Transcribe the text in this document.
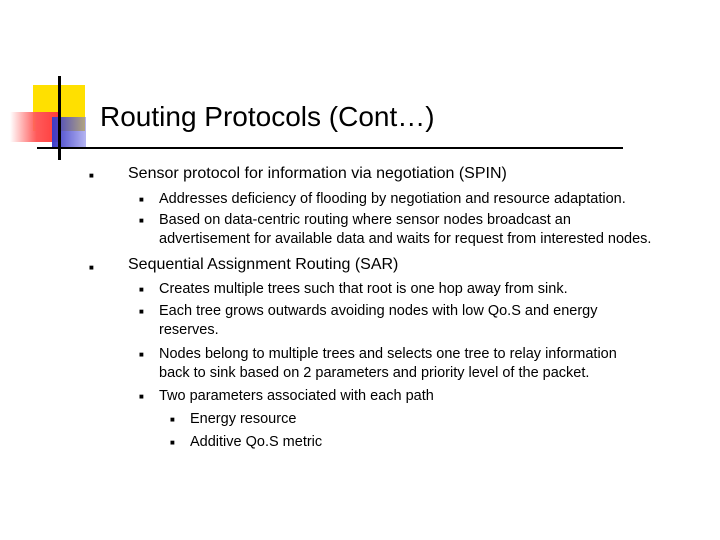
Routing Protocols (Cont…)
■ Sensor protocol for information via negotiation (SPIN)
■ Addresses deficiency of flooding by negotiation and resource adaptation.
■ Based on data-centric routing where sensor nodes broadcast an
advertisement for available data and waits for request from interested nodes.
■ Sequential Assignment Routing (SAR)
■ Creates multiple trees such that root is one hop away from sink.
■ Each tree grows outwards avoiding nodes with low Qo.S and energy
reserves.
■ Nodes belong to multiple trees and selects one tree to relay information
back to sink based on 2 parameters and priority level of the packet.
■ Two parameters associated with each path
■ Energy resource
■ Additive Qo.S metric
